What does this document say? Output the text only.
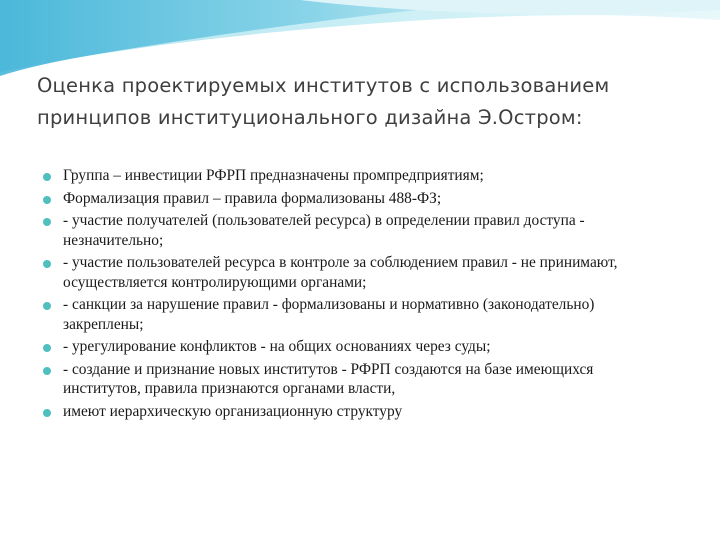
Оценка проектируемых институтов с использованием принципов институционального дизайна Э.Остром:
Группа – инвестиции РФРП предназначены промпредприятиям;
Формализация правил – правила формализованы 488-ФЗ;
- участие получателей (пользователей ресурса) в определении правил доступа - незначительно;
- участие пользователей ресурса в контроле за соблюдением правил - не принимают, осуществляется контролирующими органами;
- санкции за нарушение правил - формализованы и нормативно (законодательно) закреплены;
- урегулирование конфликтов - на общих основаниях через суды;
- создание и признание новых институтов - РФРП создаются на базе имеющихся институтов, правила признаются органами власти,
имеют иерархическую организационную структуру
